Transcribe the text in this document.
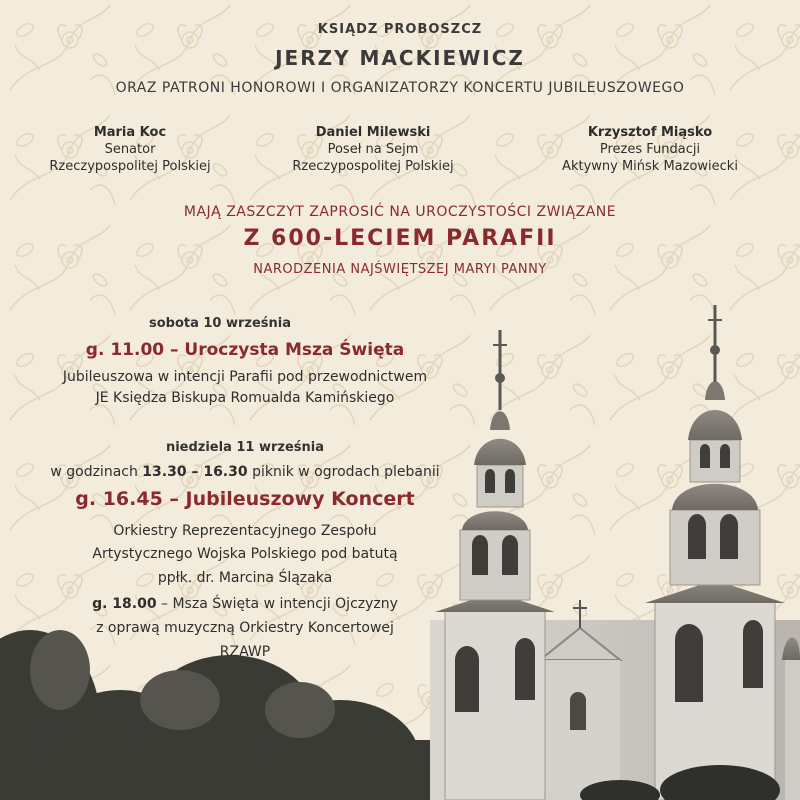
KSIĄDZ PROBOSZCZ
JERZY MACKIEWICZ
ORAZ PATRONI HONOROWI I ORGANIZATORZY KONCERTU JUBILEUSZOWEGO
Maria Koc
Senator
Rzeczypospolitej Polskiej
Daniel Milewski
Poseł na Sejm
Rzeczypospolitej Polskiej
Krzysztof Miąsko
Prezes Fundacji
Aktywny Mińsk Mazowiecki
MAJĄ ZASZCZYT ZAPROSIĆ NA UROCZYSTOŚCI ZWIĄZANE
Z 600-LECIEM PARAFII
NARODZENIA NAJŚWIĘTSZEJ MARYI PANNY
sobota 10 września
g. 11.00 – Uroczysta Msza Święta
Jubileuszowa w intencji Parafii pod przewodnictwem
JE Księdza Biskupa Romualda Kamińskiego
niedziela 11 września
w godzinach 13.30 – 16.30 piknik w ogrodach plebanii
g. 16.45 – Jubileuszowy Koncert
Orkiestry Reprezentacyjnego Zespołu
Artystycznego Wojska Polskiego pod batutą
ppłk. dr. Marcina Ślązaka
g. 18.00 – Msza Święta w intencji Ojczyzny
z oprawą muzyczną Orkiestry Koncertowej
RZAWP
